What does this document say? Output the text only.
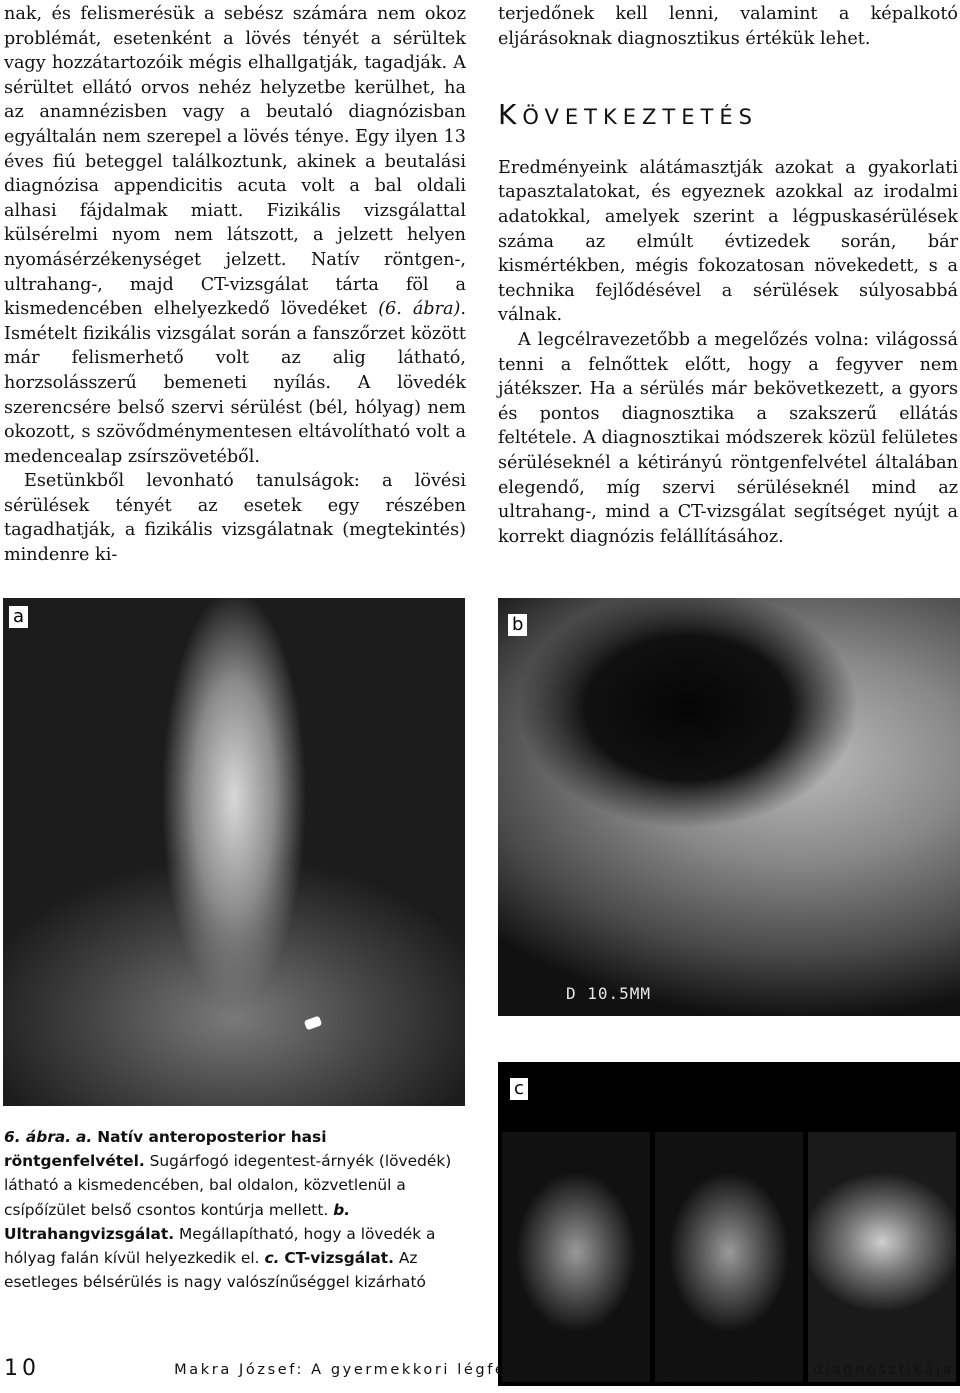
nak, és felismerésük a sebész számára nem okoz problémát, esetenként a lövés tényét a sérültek vagy hozzátartozóik mégis elhallgatják, tagadják. A sérültet ellátó orvos nehéz helyzetbe kerülhet, ha az anamnézisben vagy a beutaló diagnózisban egyáltalán nem szerepel a lövés ténye. Egy ilyen 13 éves fiú beteggel találkoztunk, akinek a beutalási diagnózisa appendicitis acuta volt a bal oldali alhasi fájdalmak miatt. Fizikális vizsgálattal külsérelmi nyom nem látszott, a jelzett helyen nyomásérzékenységet jelzett. Natív röntgen-, ultrahang-, majd CT-vizsgálat tárta föl a kismedencében elhelyezkedő lövedéket (6. ábra). Ismételt fizikális vizsgálat során a fanszőrzet között már felismerhető volt az alig látható, horzsolásszerű bemeneti nyílás. A lövedék szerencsére belső szervi sérülést (bél, hólyag) nem okozott, s szövődménymentesen eltávolítható volt a medencealap zsírszövetéből.

Esetünkből levonható tanulságok: a lövési sérülések tényét az esetek egy részében tagadhatják, a fizikális vizsgálatnak (megtekintés) mindenre ki-

terjedőnek kell lenni, valamint a képalkotó eljárásoknak diagnosztikus értékük lehet.

KÖVETKEZTETÉS

Eredményeink alátámasztják azokat a gyakorlati tapasztalatokat, és egyeznek azokkal az irodalmi adatokkal, amelyek szerint a légpuskasérülések száma az elmúlt évtizedek során, bár kismértékben, mégis fokozatosan növekedett, s a technika fejlődésével a sérülések súlyosabbá válnak.

A legcélravezetőbb a megelőzés volna: világossá tenni a felnőttek előtt, hogy a fegyver nem játékszer. Ha a sérülés már bekövetkezett, a gyors és pontos diagnosztika a szakszerű ellátás feltétele. A diagnosztikai módszerek közül felületes sérüléseknél a kétirányú röntgenfelvétel általában elegendő, míg szervi sérüléseknél mind az ultrahang-, mind a CT-vizsgálat segítséget nyújt a korrekt diagnózis felállításához.

a	b
D 10.5MM
c
6. ábra. a. Natív anteroposterior hasi röntgenfelvétel. Sugárfogó idegentest-árnyék (lövedék) látható a kismedencében, bal oldalon, közvetlenül a csípőízület belső csontos kontúrja mellett. b. Ultrahangvizsgálat. Megállapítható, hogy a lövedék a hólyag falán kívül helyezkedik el. c. CT-vizsgálat. Az esetleges bélsérülés is nagy valószínűséggel kizárható
10	Makra József: A gyermekkori légfegyversérülések gyakorisága és diagnosztikája
